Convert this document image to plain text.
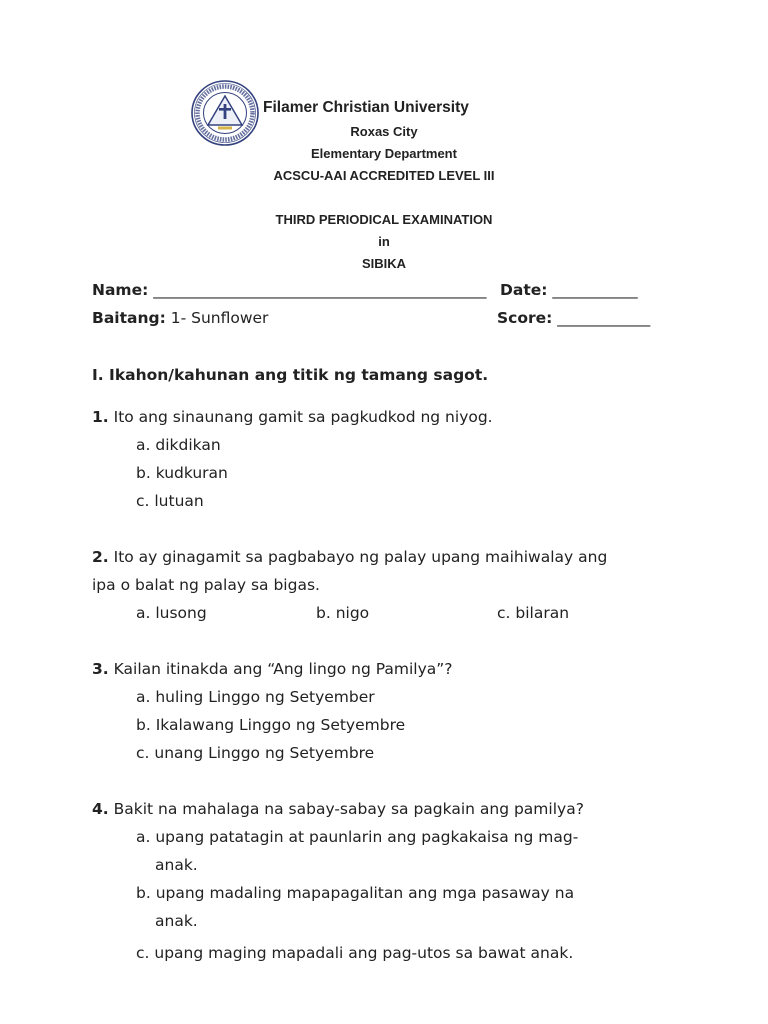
Filamer Christian University
Roxas City
Elementary Department
ACSCU-AAI ACCREDITED LEVEL III
THIRD PERIODICAL EXAMINATION
in
SIBIKA
Name: ___________________________________________ Date: ___________
Baitang: 1- Sunflower	Score: ____________
I. Ikahon/kahunan ang titik ng tamang sagot.
1. Ito ang sinaunang gamit sa pagkudkod ng niyog.
a. dikdikan
b. kudkuran
c. lutuan
2. Ito ay ginagamit sa pagbabayo ng palay upang maihiwalay ang
ipa o balat ng palay sa bigas.
a. lusong	b. nigo	c. bilaran
3. Kailan itinakda ang “Ang lingo ng Pamilya”?
a. huling Linggo ng Setyember
b. Ikalawang Linggo ng Setyembre
c. unang Linggo ng Setyembre
4. Bakit na mahalaga na sabay-sabay sa pagkain ang pamilya?
a. upang patatagin at paunlarin ang pagkakaisa ng mag-
anak.
b. upang madaling mapapagalitan ang mga pasaway na
anak.
c. upang maging mapadali ang pag-utos sa bawat anak.
